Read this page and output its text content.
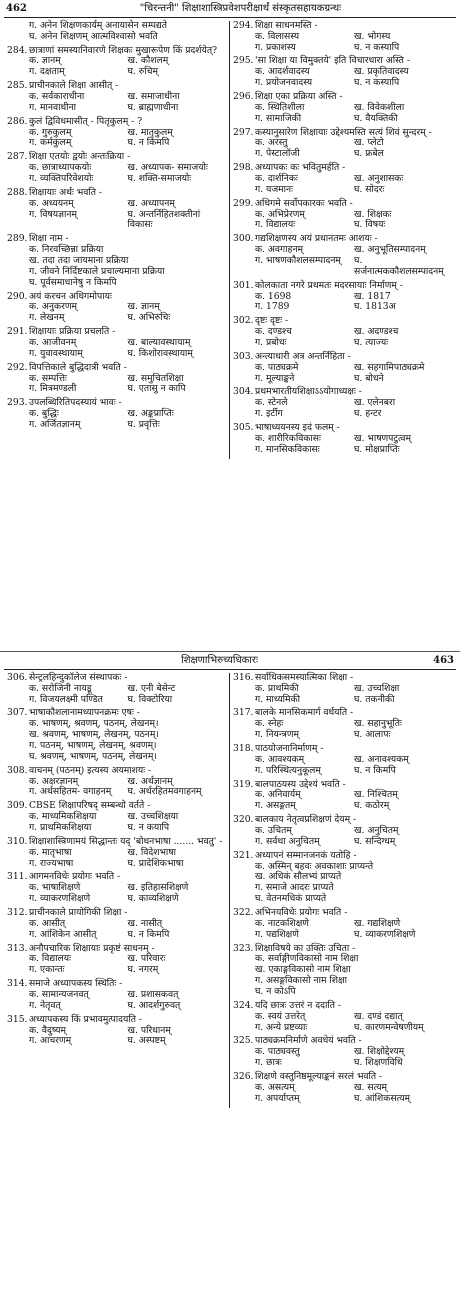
462	"चिरन्तनी" शिक्षाशास्त्रिप्रवेशपरीक्षार्थं संस्कृतसहायकग्रन्थः
ग. अनेन शिक्षणकार्यम् अनायासेन सम्पद्यते
घ. अनेन शिक्षणम् आत्मविश्वासो भवति
284. छात्राणां समस्यानिवारणे शिक्षकः मुखारूपेण किं प्रदर्शयेत्?
क. ज्ञानम्	ख. कौशलम्
ग. दक्षताम्	घ. रुचिम्
285. प्राचीनकाले शिक्षा आसीत् -
क. सर्वकाराधीना	ख. समाजाधीना
ग. मानवाधीना	घ. ब्राह्मणाधीना
286. कुलं द्विविधमासीत् - पितृकुलम् - ?
क. गुरुकुलम्	ख. मातृकुलम्
ग. कर्मकुलम्	घ. न किमपि
287. शिक्षा एतयोः द्वयोः अन्तःक्रिया -
क. छात्राध्यापकयोः	ख. अध्यापक- समाजयोः
ग. व्यक्तिपरिवेशयोः	घ. शक्ति-समाजयोः
288. शिक्षायाः अर्थः भवति -
क. अध्ययनम्	ख. अध्यापनम्
ग. विषयज्ञानम्	घ. अन्तर्निहितशक्तीनां विकासः
289. शिक्षा नाम -
क. निरवच्छिन्ना प्रक्रिया
ख. तदा तदा जायमाना प्रक्रिया
ग. जीवने निर्दिष्टकाले प्रचाल्यमाना प्रक्रिया
घ. पूर्वसमाधानेषु न किमपि
290. अयं करचन अधिगमोपायः
क. अनुकरणम्	ख. ज्ञानम्
ग. लेखनम्	घ. अभिरुचिः
291. शिक्षायाः प्रक्रिया प्रचलति -
क. आजीवनम्	ख. बाल्यावस्थायाम्
ग. युवावस्थायाम्	घ. किशोरावस्थायाम्
292. विपत्तिकाले बुद्धिदात्री भवति -
क. सम्पत्तिः	ख. समुचितशिक्षा
ग. मित्रमण्डली	घ. एतासु न कापि
293. उपलब्धिरितिपदस्यायं भावः -
क. बुद्धिः	ख. अङ्कप्राप्तिः
ग. अर्जितज्ञानम्	घ. प्रवृत्तिः
294. शिक्षा साधनमस्ति -
क. विलासस्य	ख. भोगस्य
ग. प्रकाशस्य	घ. न कस्यापि
295. 'सा शिक्षा या विमुक्तये' इति विचारधारा अस्ति -
क. आदर्शवादस्य	ख. प्रकृतिवादस्य
ग. प्रयोजनवादस्य	घ. न कस्यापि
296. शिक्षा एका प्रक्रिया अस्ति -
क. स्थितिशीला	ख. विवेकशीला
ग. सामाजिकी	घ. वैयक्तिकी
297. कस्यानुसारेण शिक्षायाः उद्देश्यमस्ति सत्यं शिवं सुन्दरम् -
क. अरस्तु	ख. प्लेटो
ग. पेस्टालॉजी	घ. फ्रबेल
298. अध्यापकः कः भवितुमर्हति -
क. दार्शनिकः	ख. अनुशासकः
ग. यजमानः	घ. सोदरः
299. अधिगमे सर्वोपकारकः भवति -
क. अभिप्रेरणम्	ख. शिक्षकः
ग. विद्यालयः	घ. विषयः
300. गद्यशिक्षणस्य अयं प्रधानतमः आशयः -
क. अवगाहनम्	ख. अनुभूतिसम्पादनम्
ग. भाषणकौशलसम्पादनम्	घ. सर्जनात्मककौशलसम्पादनम्
301. कोलकाता नगरे प्रथमतः मदरसायाः निर्माणम् -
क. 1698	ख. 1817
ग. 1789	घ. 1813अ
302. दृष्टः दृष्टः -
क. दण्डश्च	ख. अदण्डश्च
ग. प्रबोधः	घ. त्याज्यः
303. अन्त्याधारी अत्र अन्तर्निहिता -
क. पाठ्यक्रमे	ख. सहगामिपाठ्यक्रमे
ग. मूल्याङ्कने	घ. बोधने
304. प्रथमभारतीयशिक्षाऽऽयोगाध्यक्षः -
क. स्टेनले	ख. एलेनबरा
ग. इर्टीग	घ. हन्टर
305. भाषाध्ययनस्य इदं फलम् -
क. शारीरिकविकासः	ख. भाषणपटुत्वम्
ग. मानसिकविकासः	घ. मोक्षप्राप्तिः
शिक्षणाभिरुच्यधिकारः	463
306. सेन्ट्रलहिन्दुकॉलेज संस्थापकः -
क. सरोजिनी नायडू	ख. एनी बेसेन्ट
ग. विजयलक्ष्मी पण्डित	घ. विक्टोरिया
307. भाषाकौशलानामध्यापनक्रमः एषः -
क. भाषणम्, श्रवणम्, पठनम्, लेखनम्।
ख. श्रवणम्, भाषणम्, लेखनम्, पठनम्।
ग. पठनम्, भाषणम्, लेखनम्, श्रवणम्।
घ. श्रवणम्, भाषणम्, पठनम्, लेखनम्।
308. वाचनम् (पठनम्) इत्यस्य अयमाशयः -
क. अक्षरज्ञानम्	ख. अर्थज्ञानम्
ग. अर्थसहितम- वगाहनम्	घ. अर्थरहितमवगाहनम्
309. CBSE शिक्षापरिषद् सम्बन्धो वर्तते -
क. माध्यमिकशिक्षया	ख. उच्चशिक्षया
ग. प्राथमिकशिक्षया	घ. न कयापि
310. शिक्षाशास्त्रिणामयं सिद्धान्तः यद् 'बोधनभाषा ....... भवतु' -
क. मातृभाषा	ख. विदेशभाषा
ग. राज्यभाषा	घ. प्रादेशिकभाषा
311. आगमनविधेः प्रयोगः भवति -
क. भाषाशिक्षणे	ख. इतिहासशिक्षणे
ग. व्याकरणशिक्षणे	घ. काव्यशिक्षणे
312. प्राचीनकाले प्रायोगिकी शिक्षा -
क. आसीत्	ख. नासीत्
ग. आंशिकेन आसीत्	घ. न किमपि
313. अनौपचारिक शिक्षायाः प्रकृष्टं साधनम् -
क. विद्यालयः	ख. परिवारः
ग. एकान्तः	घ. नगरम्
314. समाजे अध्यापकस्य स्थितिः -
क. सामान्यजनवत्	ख. प्रशासकवत्
ग. नेतृवत्	घ. आदर्शगुरुवत्
315. अध्यापकस्य किं प्रभावमुत्पादयति -
क. वैदुष्यम्	ख. परिधानम्
ग. आचरणम्	घ. अस्पष्टम्
316. सर्वाधिकसमस्यात्मिका शिक्षा -
क. प्राथमिकी	ख. उच्चशिक्षा
ग. माध्यमिकी	घ. तकनीकी
317. बालके मानसिकमार्ग वर्धयति -
क. स्नेहः	ख. सहानुभूतिः
ग. नियन्त्रणम्	घ. आलापः
318. पाठयोजनानिर्माणम् -
क. आवश्यकम्	ख. अनावश्यकम्
ग. परिस्थित्यनुकूलम्	घ. न किमपि
319. बालपाठयस्य उद्देश्यं भवति -
क. अनिवार्यम्	ख. निश्चितम्
ग. असङ्गतम्	घ. कठोरम्
320. बालकाय नेतृत्वप्रशिक्षणं देयम् -
क. उचितम्	ख. अनुचितम्
ग. सर्वथा अनुचितम्	घ. सन्दिग्धम्
321. अध्यापनं सम्मानजनकं यतोहि -
क. अस्मिन् बहवः अवकाशाः प्राप्यन्ते
ख. अधिकं सौलभ्यं प्राप्यते
ग. समाजे आदरः प्राप्यते
घ. वेतनमधिकं प्राप्यते
322. अभिनयविधेः प्रयोगः भवति -
क. नाटकशिक्षणे	ख. गद्यशिक्षणे
ग. पद्यशिक्षणे	घ. व्याकरणशिक्षणे
323. शिक्षाविषये का उक्तिः उचिता -
क. सर्वाङ्गीणविकासो नाम शिक्षा
ख. एकाङ्गविकासो नाम शिक्षा
ग. असङ्गविकासो नाम शिक्षा
घ. न कोऽपि
324. यदि छात्रः उत्तरं न ददाति -
क. स्वयं उत्तरेत्	ख. दण्डं दद्यात्
ग. अन्ये प्रष्टव्याः	घ. कारणमन्वेषणीयम्
325. पाठ्यक्रमनिर्माणे अवधेयं भवति -
क. पाठ्यवस्तु	ख. शिक्षोद्देश्यम्
ग. छात्रः	घ. शिक्षणविधि
326. शिक्षणे वस्तुनिष्ठमूल्याङ्कनं सरलं भवति -
क. असत्यम्	ख. सत्यम्
ग. अपर्याप्तम्	घ. आंशिकसत्यम्
